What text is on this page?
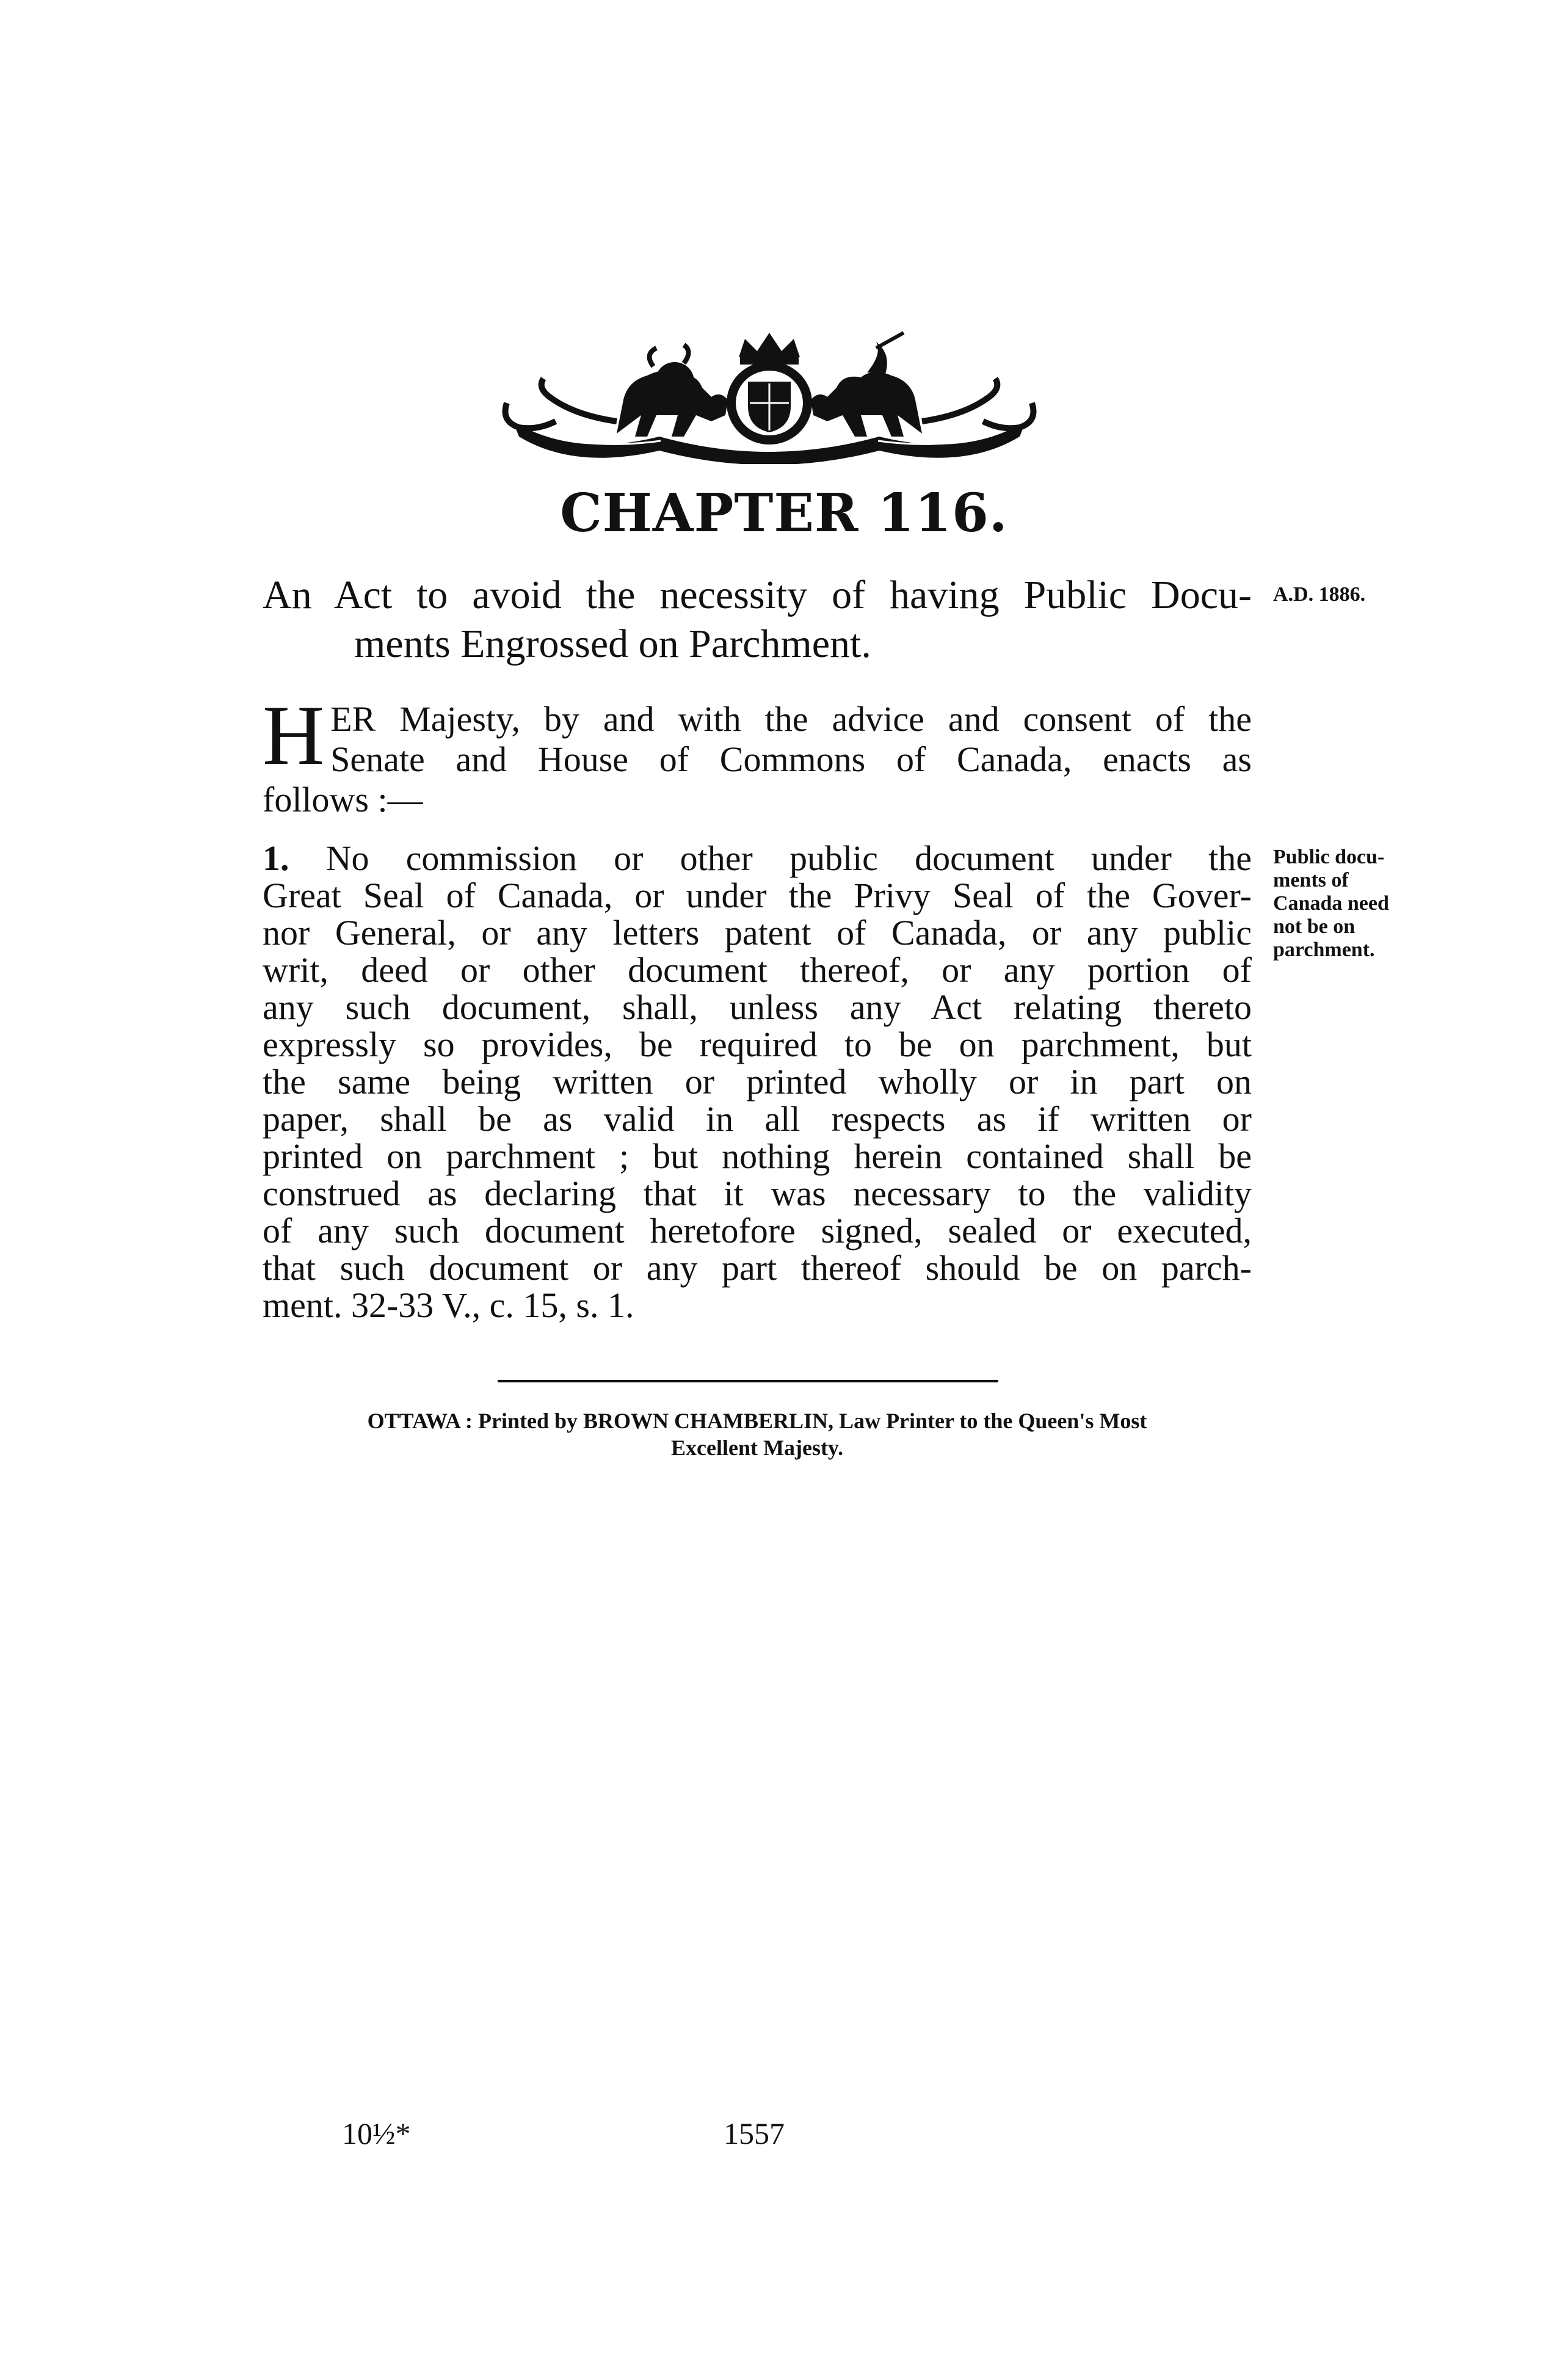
CHAPTER 116.
An Act to avoid the necessity of having Public Docu-
ments Engrossed on Parchment.
A.D. 1886.
H ER Majesty, by and with the advice and consent of the
Senate and House of Commons of Canada, enacts as
follows :—
1. No commission or other public document under the
Great Seal of Canada, or under the Privy Seal of the Gover-
nor General, or any letters patent of Canada, or any public
writ, deed or other document thereof, or any portion of
any such document, shall, unless any Act relating thereto
expressly so provides, be required to be on parchment, but
the same being written or printed wholly or in part on
paper, shall be as valid in all respects as if written or
printed on parchment ; but nothing herein contained shall be
construed as declaring that it was necessary to the validity
of any such document heretofore signed, sealed or executed,
that such document or any part thereof should be on parch-
ment. 32-33 V., c. 15, s. 1.
Public docu-
ments of
Canada need
not be on
parchment.
OTTAWA : Printed by BROWN CHAMBERLIN, Law Printer to the Queen's Most
Excellent Majesty.
10½*	1557
